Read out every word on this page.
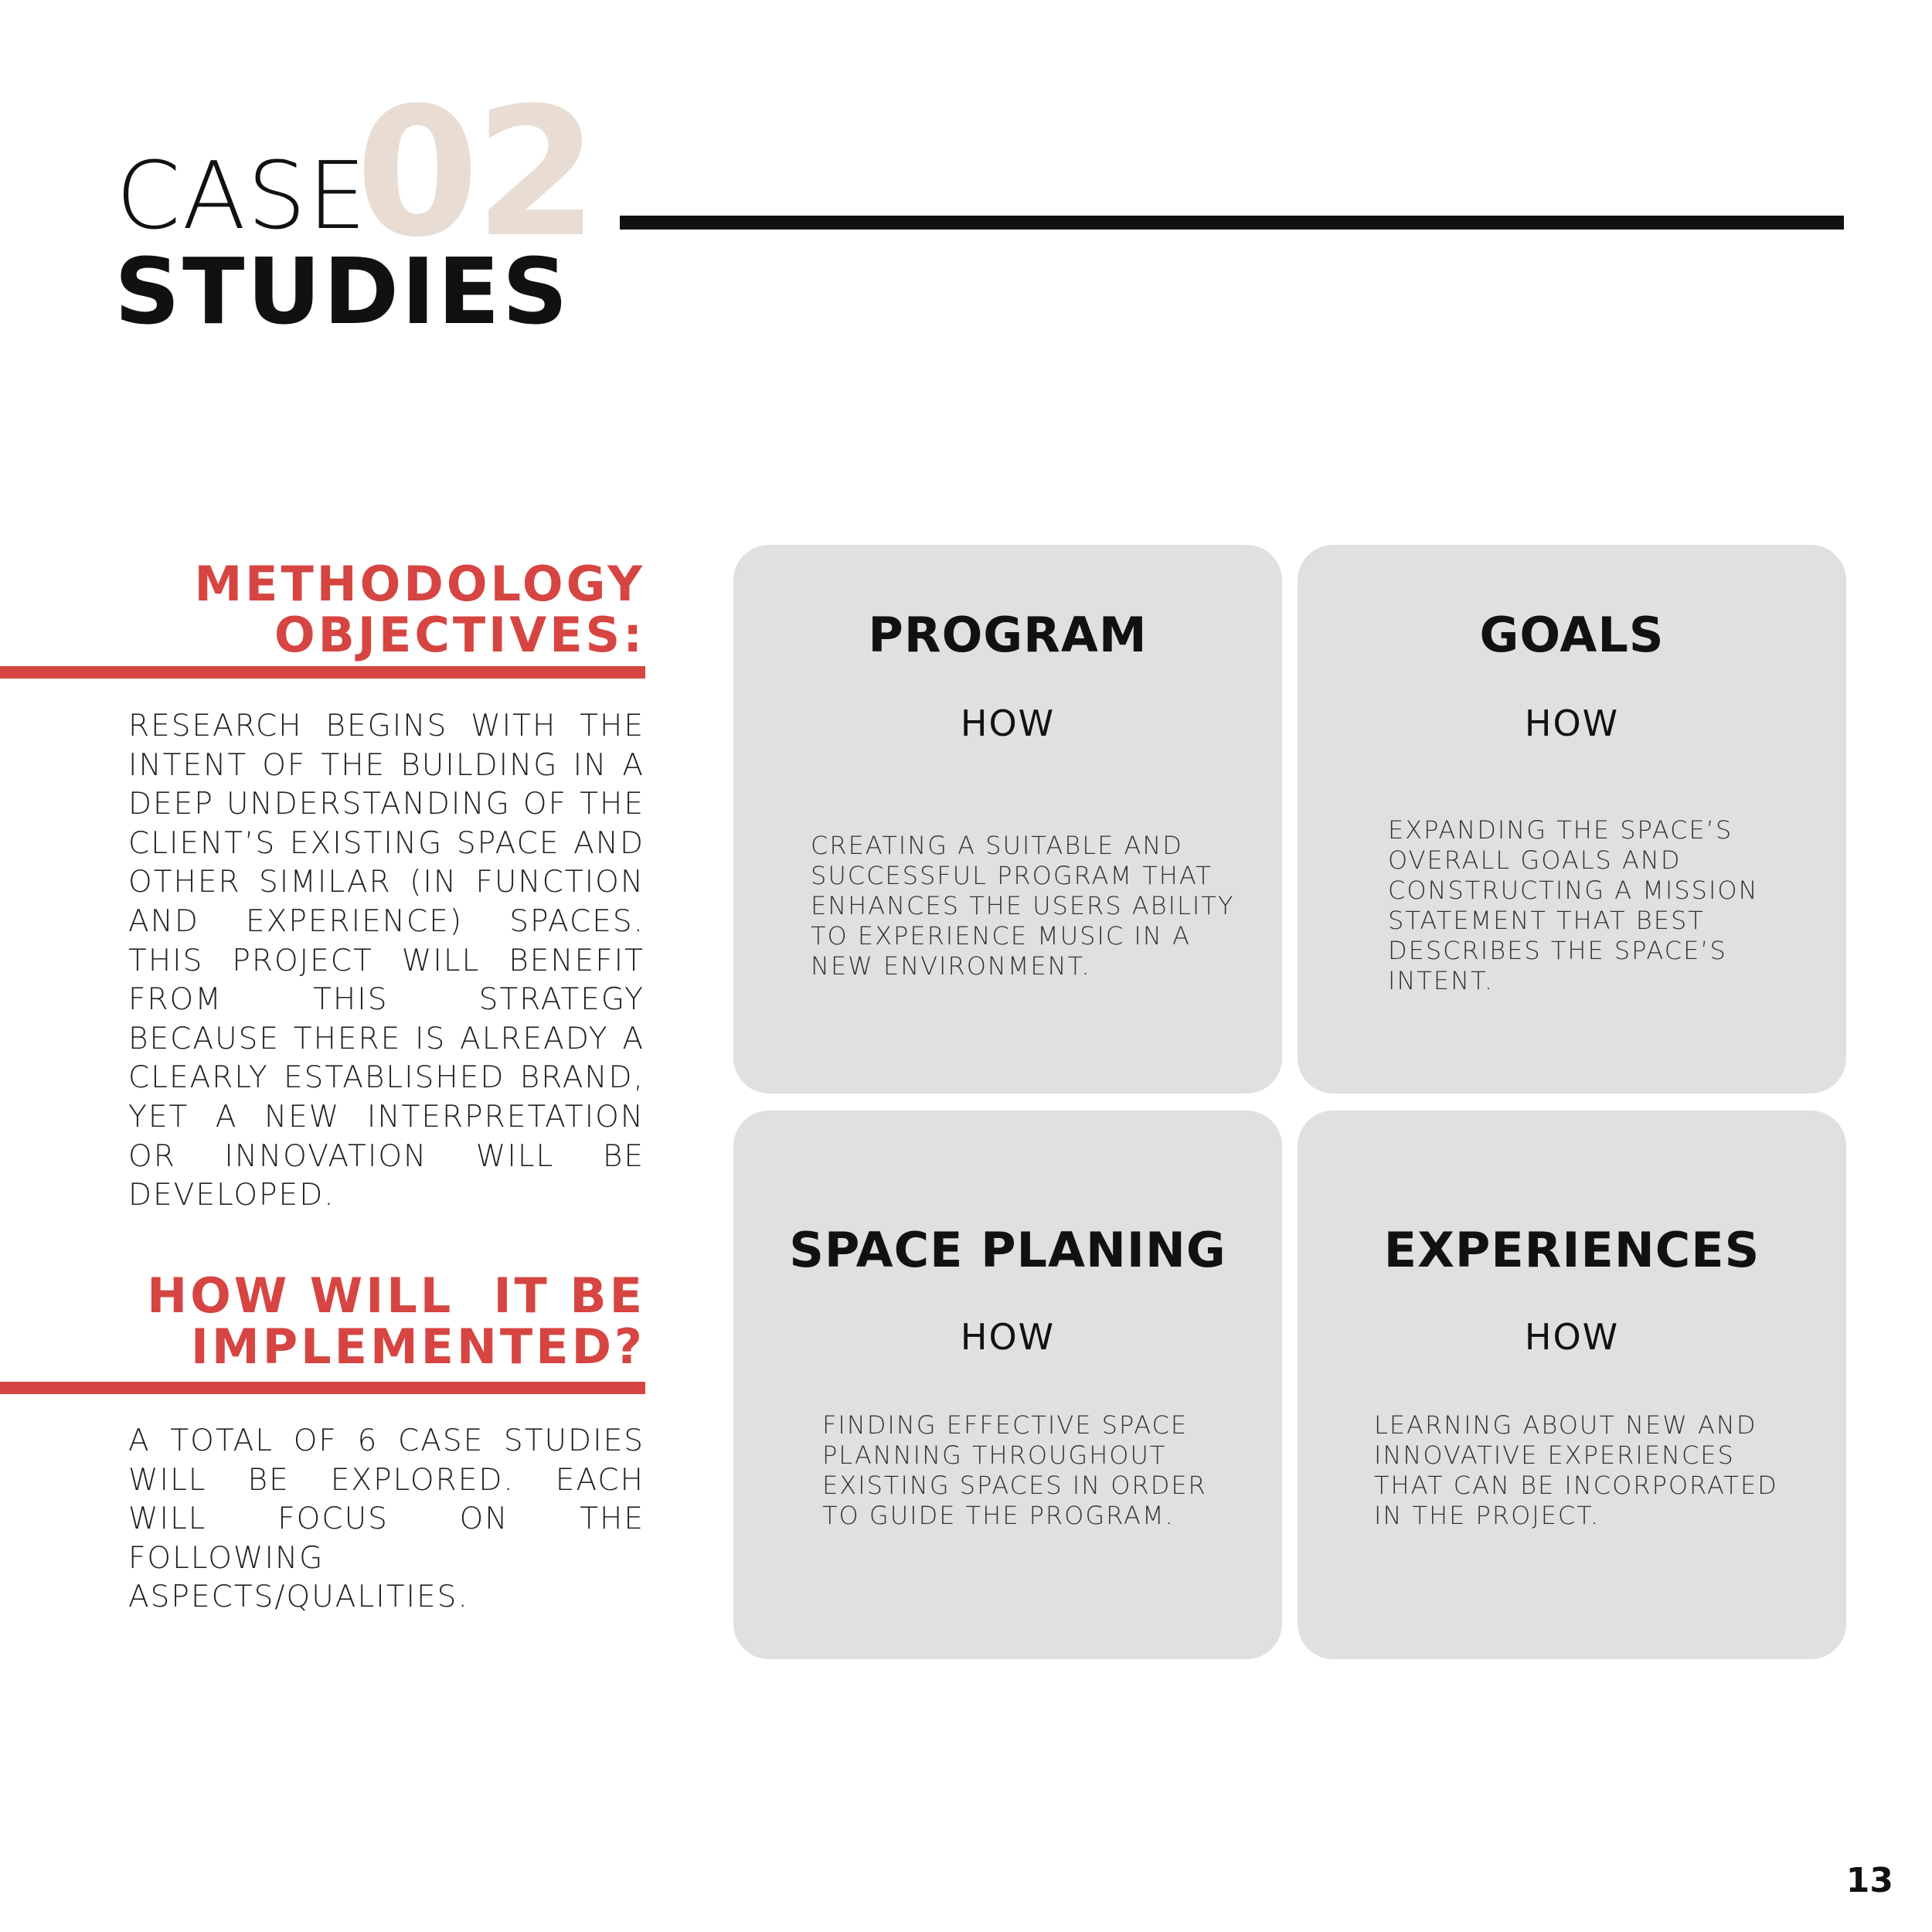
02
CASE
STUDIES
METHODOLOGY
OBJECTIVES:

RESEARCH BEGINS WITH THE INTENT OF THE BUILDING IN A DEEP UNDERSTANDING OF THE CLIENT’S EXISTING SPACE AND OTHER SIMILAR (IN FUNCTION AND EXPERIENCE) SPACES. THIS PROJECT WILL BENEFIT FROM THIS STRATEGY BECAUSE THERE IS ALREADY A CLEARLY ESTABLISHED BRAND, YET A NEW INTERPRETATION OR INNOVATION WILL BE DEVELOPED.

HOW WILL  IT BE
IMPLEMENTED?

A TOTAL OF 6 CASE STUDIES WILL BE EXPLORED. EACH WILL FOCUS ON THE FOLLOWING ASPECTS/QUALITIES.

PROGRAM
HOW

CREATING A SUITABLE AND SUCCESSFUL PROGRAM THAT ENHANCES THE USERS ABILITY TO EXPERIENCE MUSIC IN A NEW ENVIRONMENT.

GOALS
HOW

EXPANDING THE SPACE’S OVERALL GOALS AND CONSTRUCTING A MISSION STATEMENT THAT BEST DESCRIBES THE SPACE’S INTENT.

SPACE PLANING
HOW

FINDING EFFECTIVE SPACE PLANNING THROUGHOUT EXISTING SPACES IN ORDER TO GUIDE THE PROGRAM.

EXPERIENCES
HOW

LEARNING ABOUT NEW AND INNOVATIVE EXPERIENCES THAT CAN BE INCORPORATED IN THE PROJECT.

13
